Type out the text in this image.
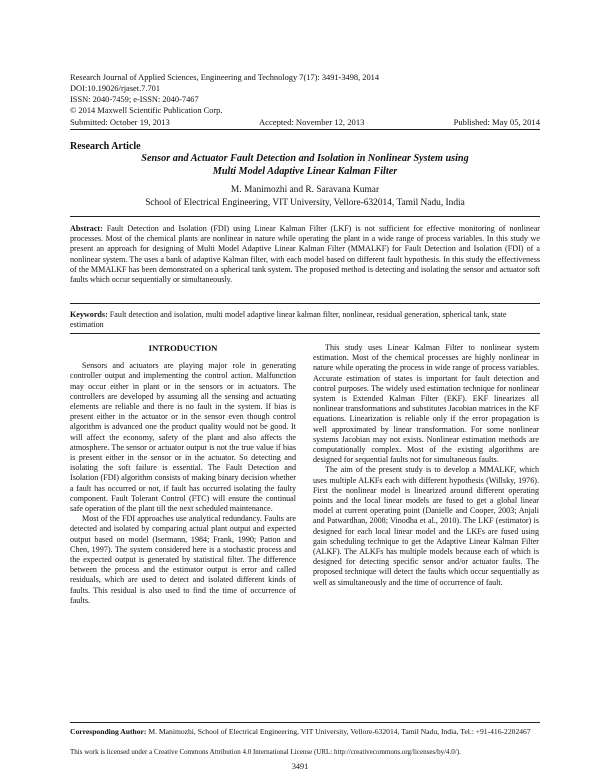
Research Journal of Applied Sciences, Engineering and Technology 7(17): 3491-3498, 2014
DOI:10.19026/rjaset.7.701
ISSN: 2040-7459; e-ISSN: 2040-7467
© 2014 Maxwell Scientific Publication Corp.
Submitted: October 19, 2013	Accepted: November 12, 2013	Published: May 05, 2014
Research Article
Sensor and Actuator Fault Detection and Isolation in Nonlinear System using
Multi Model Adaptive Linear Kalman Filter
M. Manimozhi and R. Saravana Kumar
School of Electrical Engineering, VIT University, Vellore-632014, Tamil Nadu, India
Abstract: Fault Detection and Isolation (FDI) using Linear Kalman Filter (LKF) is not sufficient for effective monitoring of nonlinear processes. Most of the chemical plants are nonlinear in nature while operating the plant in a wide range of process variables. In this study we present an approach for designing of Multi Model Adaptive Linear Kalman Filter (MMALKF) for Fault Detection and Isolation (FDI) of a nonlinear system. The uses a bank of adaptive Kalman filter, with each model based on different fault hypothesis. In this study the effectiveness of the MMALKF has been demonstrated on a spherical tank system. The proposed method is detecting and isolating the sensor and actuator soft faults which occur sequentially or simultaneously.
Keywords: Fault detection and isolation, multi model adaptive linear kalman filter, nonlinear, residual generation, spherical tank, state estimation
INTRODUCTION

Sensors and actuators are playing major role in generating controller output and implementing the control action. Malfunction may occur either in plant or in the sensors or in actuators. The controllers are developed by assuming all the sensing and actuating elements are reliable and there is no fault in the system. If bias is present either in the actuator or in the sensor even though control algorithm is advanced one the product quality would not be good. It will affect the economy, safety of the plant and also affects the atmosphere. The sensor or actuator output is not the true value if bias is present either in the sensor or in the actuator. So detecting and isolating the soft failure is essential. The Fault Detection and Isolation (FDI) algorithm consists of making binary decision whether a fault has occurred or not, if fault has occurred isolating the faulty component. Fault Tolerant Control (FTC) will ensure the continual safe operation of the plant till the next scheduled maintenance.

Most of the FDI approaches use analytical redundancy. Faults are detected and isolated by comparing actual plant output and expected output based on model (Isermann, 1984; Frank, 1990; Patton and Chen, 1997). The system considered here is a stochastic process and the expected output is generated by statistical filter. The difference between the process and the estimator output is error and called residuals, which are used to detect and isolated different kinds of faults. This residual is also used to find the time of occurrence of faults.

This study uses Linear Kalman Filter to nonlinear system estimation. Most of the chemical processes are highly nonlinear in nature while operating the process in wide range of process variables. Accurate estimation of states is important for fault detection and control purposes. The widely used estimation technique for nonlinear system is Extended Kalman Filter (EKF). EKF linearizes all nonlinear transformations and substitutes Jacobian matrices in the KF equations. Linearization is reliable only if the error propagation is well approximated by linear transformation. For some nonlinear systems Jacobian may not exists. Nonlinear estimation methods are computationally complex. Most of the existing algorithms are designed for sequential faults not for simultaneous faults.

The aim of the present study is to develop a MMALKF, which uses multiple ALKFs each with different hypothesis (Willsky, 1976). First the nonlinear model is linearized around different operating points and the local linear models are fused to get a global linear model at current operating point (Danielle and Cooper, 2003; Anjali and Patwardhan, 2008; Vinodha et al., 2010). The LKF (estimator) is designed for each local linear model and the LKFs are fused using gain scheduling technique to get the Adaptive Linear Kalman Filter (ALKF). The ALKFs has multiple models because each of which is designed for detecting specific sensor and/or actuator faults. The proposed technique will detect the faults which occur sequentially as well as simultaneously and the time of occurrence of fault.

Corresponding Author: M. Manimozhi, School of Electrical Engineering, VIT University, Vellore-632014, Tamil Nadu, India, Tel.: +91-416-2202467
This work is licensed under a Creative Commons Attribution 4.0 International License (URL: http://creativecommons.org/licenses/by/4.0/).
3491
